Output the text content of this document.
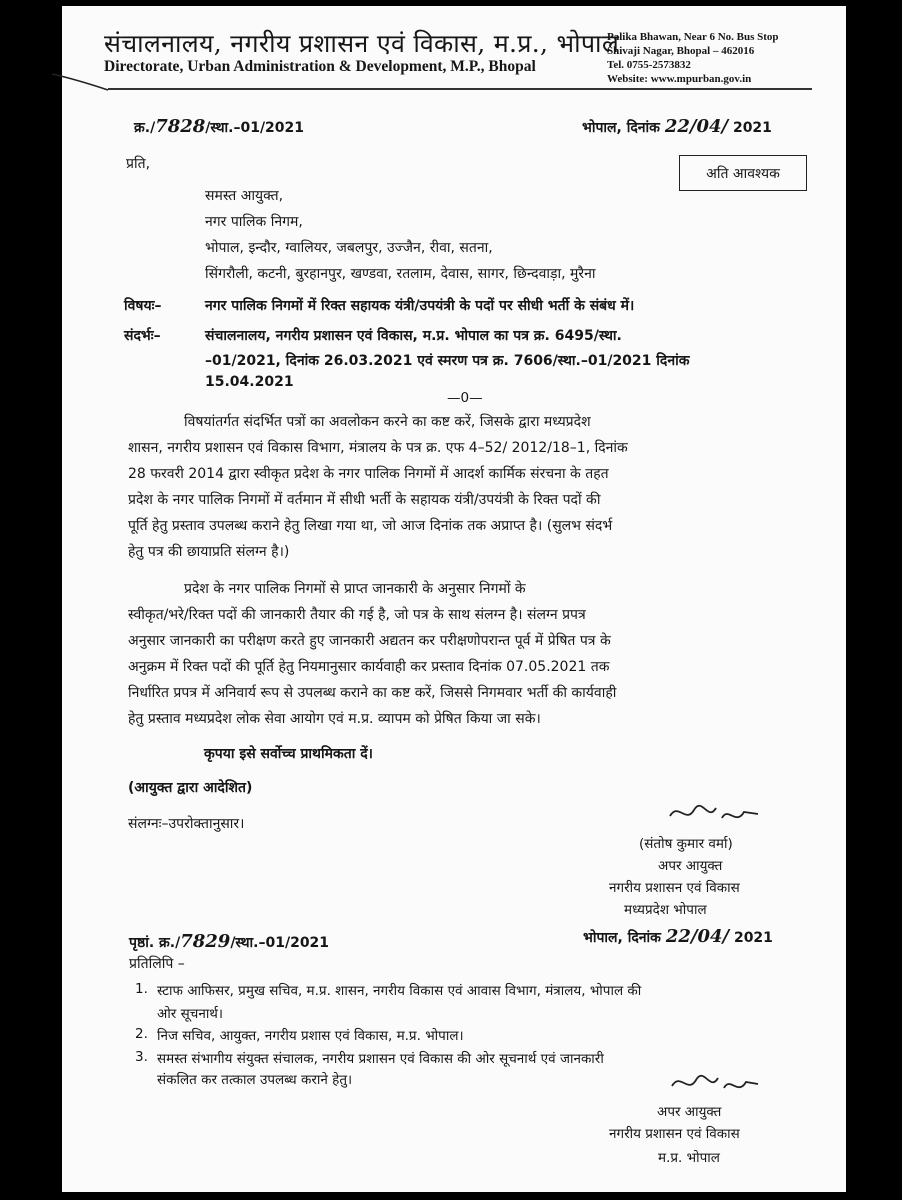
संचालनालय, नगरीय प्रशासन एवं विकास, म.प्र., भोपाल
Directorate, Urban Administration & Development, M.P., Bhopal
Palika Bhawan, Near 6 No. Bus Stop
Shivaji Nagar, Bhopal – 462016
Tel. 0755-2573832
Website: www.mpurban.gov.in
क्र./7828/स्था.–01/2021	भोपाल, दिनांक 22/04/ 2021
प्रति,
अति आवश्यक
समस्त आयुक्त,
नगर पालिक निगम,
भोपाल, इन्दौर, ग्वालियर, जबलपुर, उज्जैन, रीवा, सतना,
सिंगरौली, कटनी, बुरहानपुर, खण्डवा, रतलाम, देवास, सागर, छिन्दवाड़ा, मुरैना
विषयः–	नगर पालिक निगमों में रिक्त सहायक यंत्री/उपयंत्री के पदों पर सीधी भर्ती के संबंध में।
संदर्भः–	संचालनालय, नगरीय प्रशासन एवं विकास, म.प्र. भोपाल का पत्र क्र. 6495/स्था.
–01/2021, दिनांक 26.03.2021 एवं स्मरण पत्र क्र. 7606/स्था.–01/2021 दिनांक
15.04.2021
—0—
विषयांतर्गत संदर्भित पत्रों का अवलोकन करने का कष्ट करें, जिसके द्वारा मध्यप्रदेश
शासन, नगरीय प्रशासन एवं विकास विभाग, मंत्रालय के पत्र क्र. एफ 4–52/ 2012/18–1, दिनांक
28 फरवरी 2014 द्वारा स्वीकृत प्रदेश के नगर पालिक निगमों में आदर्श कार्मिक संरचना के तहत
प्रदेश के नगर पालिक निगमों में वर्तमान में सीधी भर्ती के सहायक यंत्री/उपयंत्री के रिक्त पदों की
पूर्ति हेतु प्रस्ताव उपलब्ध कराने हेतु लिखा गया था, जो आज दिनांक तक अप्राप्त है। (सुलभ संदर्भ
हेतु पत्र की छायाप्रति संलग्न है।)
प्रदेश के नगर पालिक निगमों से प्राप्त जानकारी के अनुसार निगमों के
स्वीकृत/भरे/रिक्त पदों की जानकारी तैयार की गई है, जो पत्र के साथ संलग्न है। संलग्न प्रपत्र
अनुसार जानकारी का परीक्षण करते हुए जानकारी अद्यतन कर परीक्षणोपरान्त पूर्व में प्रेषित पत्र के
अनुक्रम में रिक्त पदों की पूर्ति हेतु नियमानुसार कार्यवाही कर प्रस्ताव दिनांक 07.05.2021 तक
निर्धारित प्रपत्र में अनिवार्य रूप से उपलब्ध कराने का कष्ट करें, जिससे निगमवार भर्ती की कार्यवाही
हेतु प्रस्ताव मध्यप्रदेश लोक सेवा आयोग एवं म.प्र. व्यापम को प्रेषित किया जा सके।
कृपया इसे सर्वोच्च प्राथमिकता दें।
(आयुक्त द्वारा आदेशित)
संलग्नः–उपरोक्तानुसार।
(संतोष कुमार वर्मा)
अपर आयुक्त
नगरीय प्रशासन एवं विकास
मध्यप्रदेश भोपाल
पृष्ठां. क्र./7829/स्था.–01/2021	भोपाल, दिनांक 22/04/ 2021
प्रतिलिपि –
1. स्टाफ आफिसर, प्रमुख सचिव, म.प्र. शासन, नगरीय विकास एवं आवास विभाग, मंत्रालय, भोपाल की
ओर सूचनार्थ।
2. निज सचिव, आयुक्त, नगरीय प्रशास एवं विकास, म.प्र. भोपाल।
3. समस्त संभागीय संयुक्त संचालक, नगरीय प्रशासन एवं विकास की ओर सूचनार्थ एवं जानकारी
संकलित कर तत्काल उपलब्ध कराने हेतु।
अपर आयुक्त
नगरीय प्रशासन एवं विकास
म.प्र. भोपाल
